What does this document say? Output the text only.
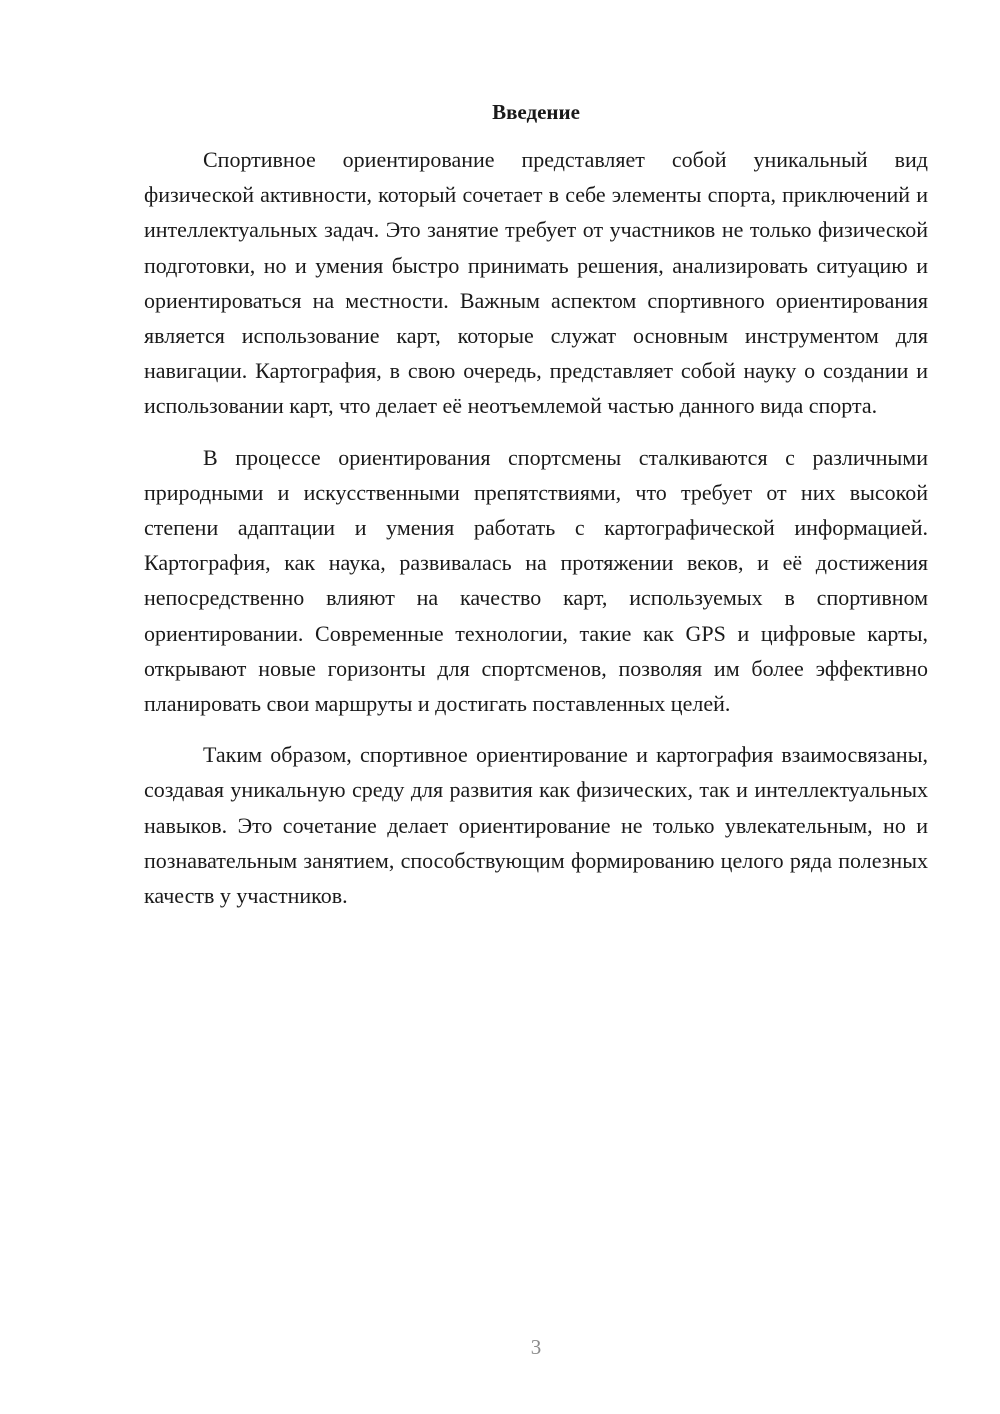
Введение

Спортивное ориентирование представляет собой уникальный вид физической активности, который сочетает в себе элементы спорта, приключений и интеллектуальных задач. Это занятие требует от участников не только физической подготовки, но и умения быстро принимать решения, анализировать ситуацию и ориентироваться на местности. Важным аспектом спортивного ориентирования является использование карт, которые служат основным инструментом для навигации. Картография, в свою очередь, представляет собой науку о создании и использовании карт, что делает её неотъемлемой частью данного вида спорта.

В процессе ориентирования спортсмены сталкиваются с различными природными и искусственными препятствиями, что требует от них высокой степени адаптации и умения работать с картографической информацией. Картография, как наука, развивалась на протяжении веков, и её достижения непосредственно влияют на качество карт, используемых в спортивном ориентировании. Современные технологии, такие как GPS и цифровые карты, открывают новые горизонты для спортсменов, позволяя им более эффективно планировать свои маршруты и достигать поставленных целей.

Таким образом, спортивное ориентирование и картография взаимосвязаны, создавая уникальную среду для развития как физических, так и интеллектуальных навыков. Это сочетание делает ориентирование не только увлекательным, но и познавательным занятием, способствующим формированию целого ряда полезных качеств у участников.

3
